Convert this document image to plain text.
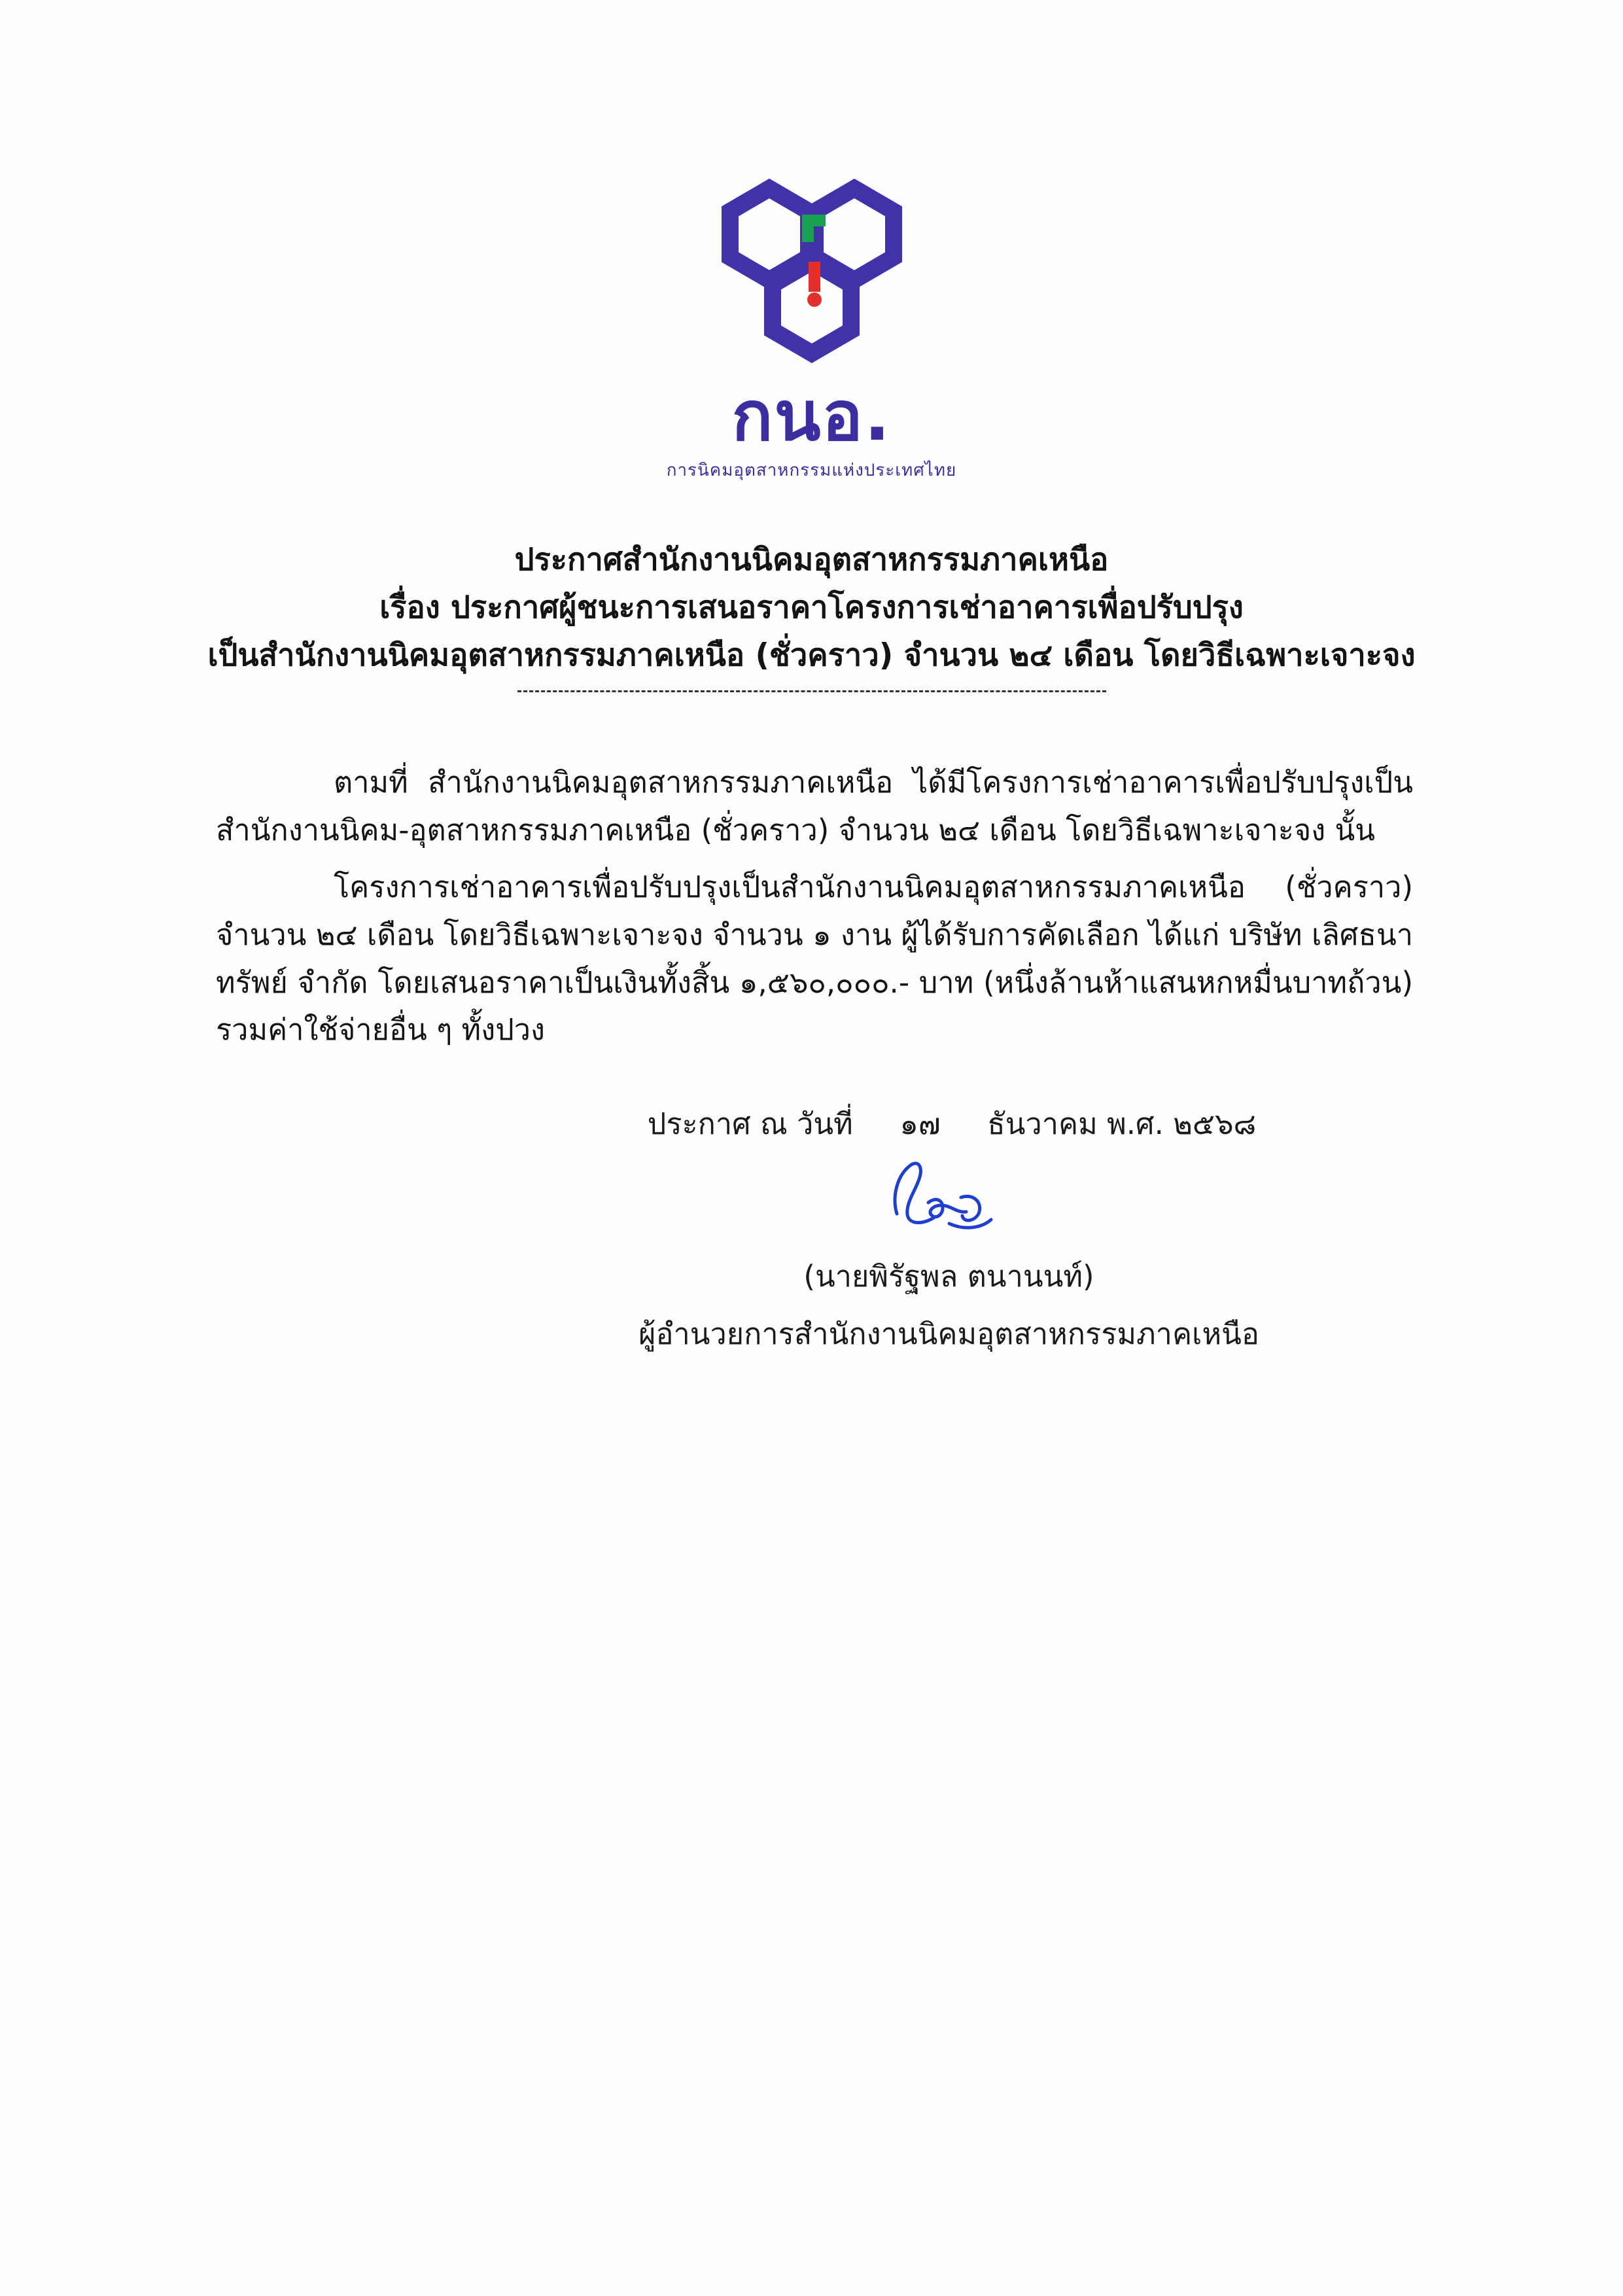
กนอ.
การนิคมอุตสาหกรรมแห่งประเทศไทย
ประกาศสำนักงานนิคมอุตสาหกรรมภาคเหนือ
เรื่อง ประกาศผู้ชนะการเสนอราคาโครงการเช่าอาคารเพื่อปรับปรุง
เป็นสำนักงานนิคมอุตสาหกรรมภาคเหนือ (ชั่วคราว) จำนวน ๒๔ เดือน โดยวิธีเฉพาะเจาะจง
ตามที่ สำนักงานนิคมอุตสาหกรรมภาคเหนือ ได้มีโครงการเช่าอาคารเพื่อปรับปรุงเป็นสำนักงานนิคม-อุตสาหกรรมภาคเหนือ (ชั่วคราว) จำนวน ๒๔ เดือน โดยวิธีเฉพาะเจาะจง นั้น
โครงการเช่าอาคารเพื่อปรับปรุงเป็นสำนักงานนิคมอุตสาหกรรมภาคเหนือ (ชั่วคราว) จำนวน ๒๔ เดือน โดยวิธีเฉพาะเจาะจง จำนวน ๑ งาน ผู้ได้รับการคัดเลือก ได้แก่ บริษัท เลิศธนาทรัพย์ จำกัด โดยเสนอราคาเป็นเงินทั้งสิ้น ๑,๕๖๐,๐๐๐.- บาท (หนึ่งล้านห้าแสนหกหมื่นบาทถ้วน) รวมค่าใช้จ่ายอื่น ๆ ทั้งปวง
ประกาศ ณ วันที่     ๑๗     ธันวาคม พ.ศ. ๒๕๖๘
(นายพิรัฐพล ตนานนท์)
ผู้อำนวยการสำนักงานนิคมอุตสาหกรรมภาคเหนือ
